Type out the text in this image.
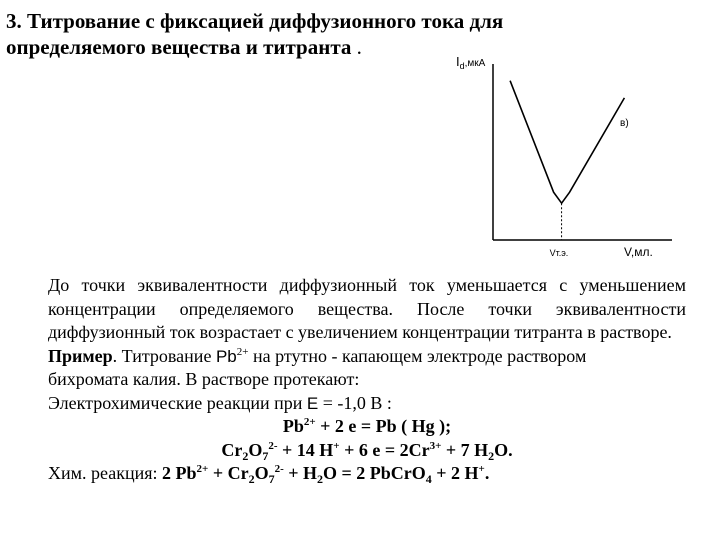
3. Титрование с фиксацией диффузионного тока для
определяемого вещества и титранта .
$I_d^{,мкА}$
в)
Vт.э.	V,мл.

До точки эквивалентности диффузионный ток уменьшается с уменьшением концентрации определяемого вещества. После точки эквивалентности диффузионный ток возрастает с увеличением концентрации титранта в растворе.

Пример. Титрование $Pb^{2+}$ на ртутно - капающем электроде раствором

бихромата калия. В растворе протекают:

Электрохимические реакции при E = -1,0 В :

$Pb^{2+} + 2$ e = Pb ( Hg );

$Cr_2O_7^{2-} + 14$ H+ + 6 $e = 2Cr^{3+} + 7$ $H_2O$.

Хим. реакция: 2 $Pb^{2+} + Cr_2O_7^{2-} + H_2O = 2$ PbCrO$_4$ + 2 H+.
